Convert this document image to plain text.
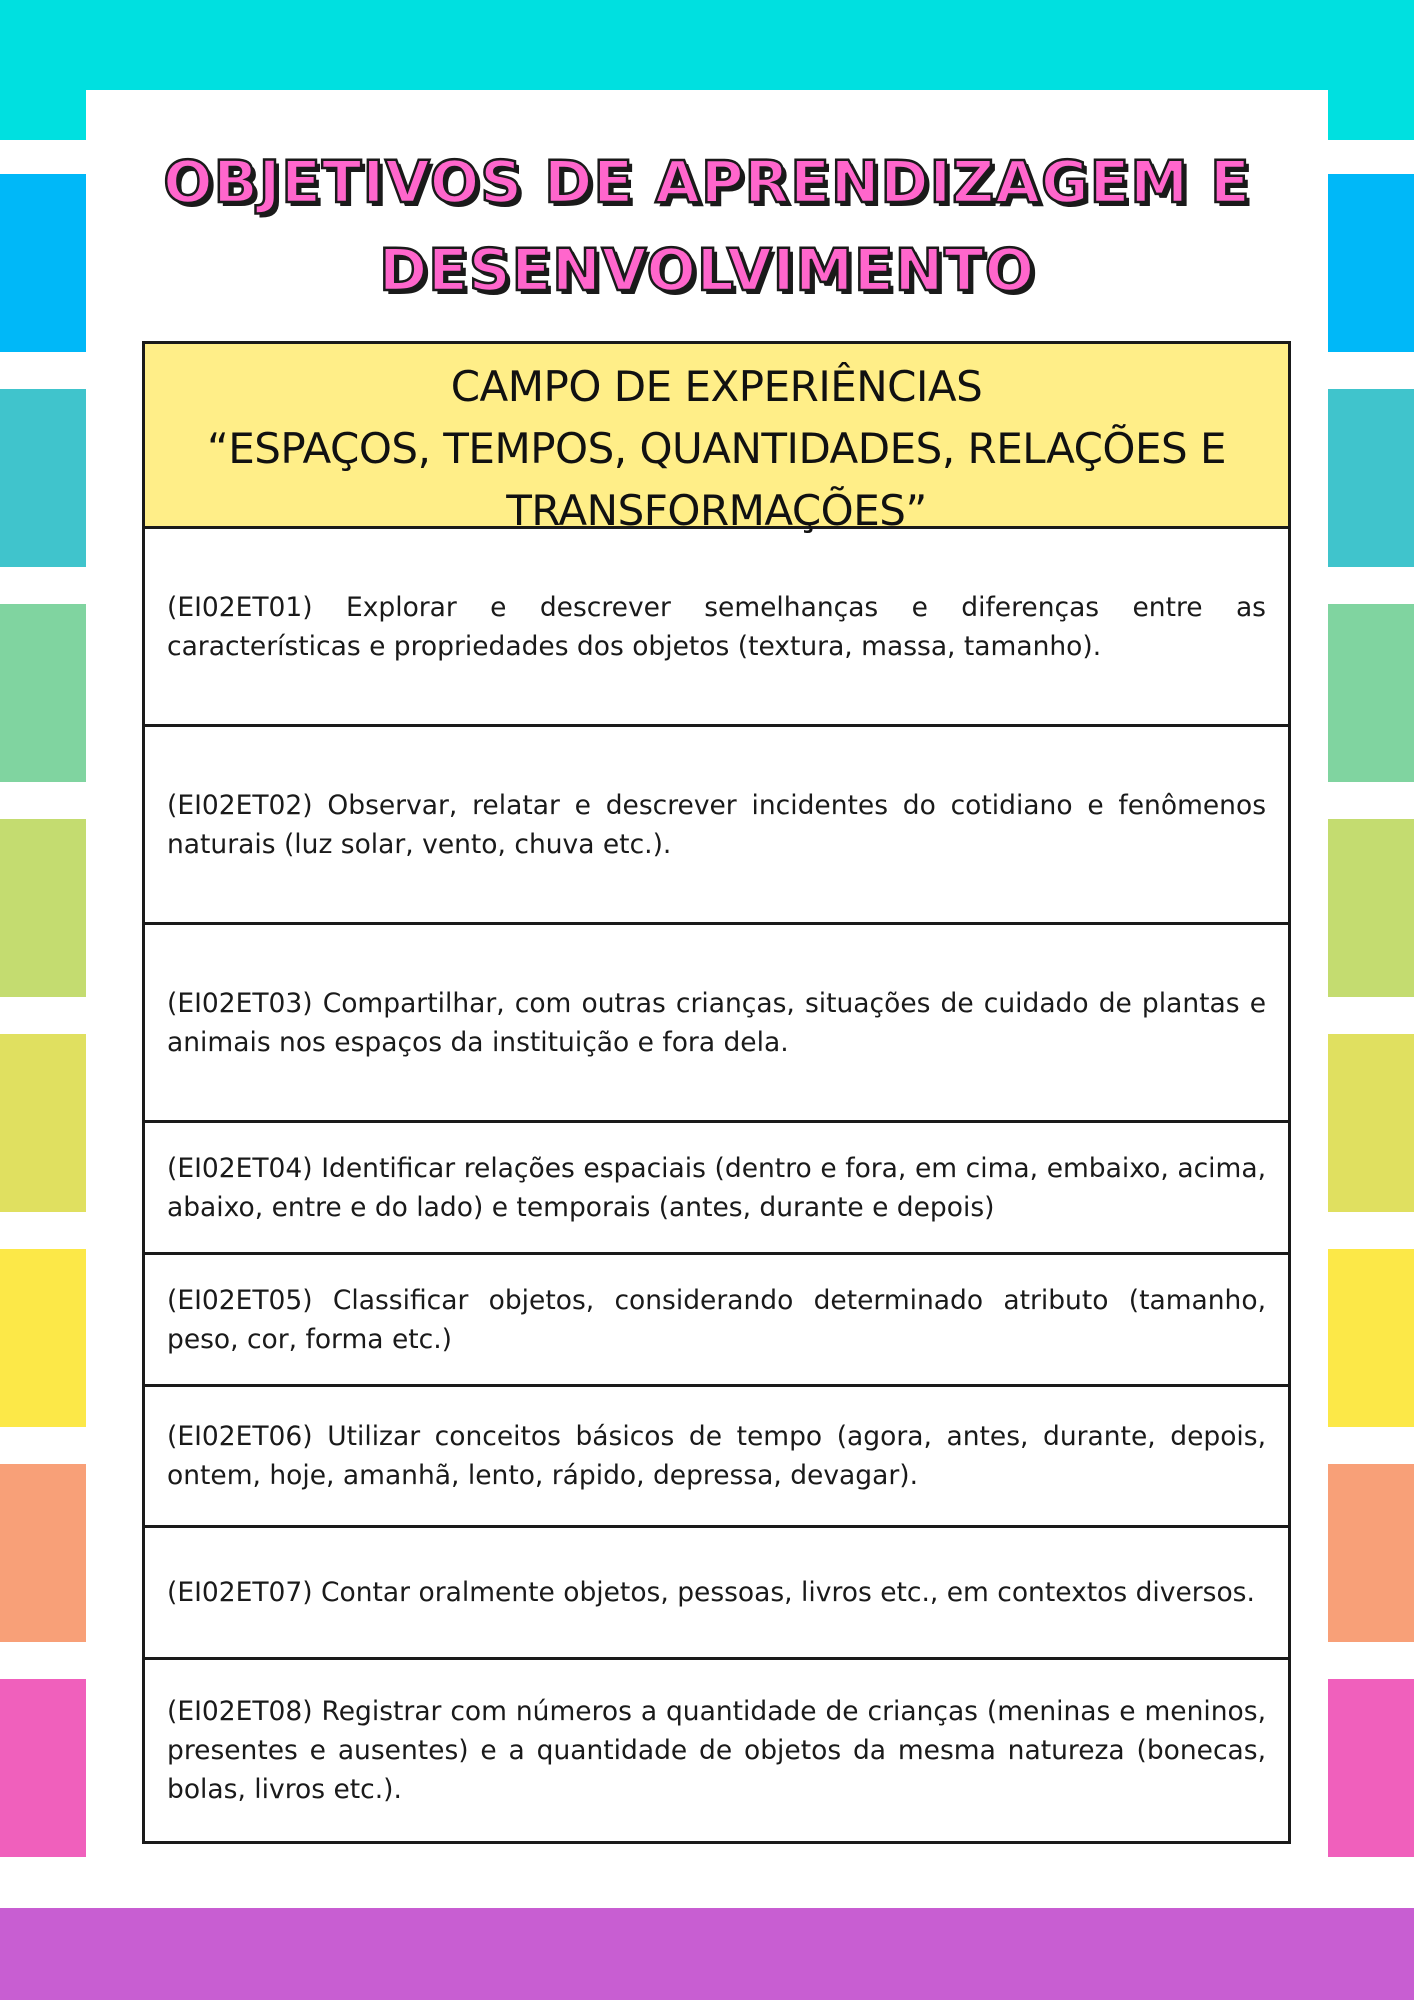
OBJETIVOS DE APRENDIZAGEM E
DESENVOLVIMENTO
CAMPO DE EXPERIÊNCIAS
“ESPAÇOS, TEMPOS, QUANTIDADES, RELAÇÕES E
TRANSFORMAÇÕES”

(EI02ET01) Explorar e descrever semelhanças e diferenças entre as características e propriedades dos objetos (textura, massa, tamanho).

(EI02ET02) Observar, relatar e descrever incidentes do cotidiano e fenômenos naturais (luz solar, vento, chuva etc.).

(EI02ET03) Compartilhar, com outras crianças, situações de cuidado de plantas e animais nos espaços da instituição e fora dela.

(EI02ET04) Identificar relações espaciais (dentro e fora, em cima, embaixo, acima, abaixo, entre e do lado) e temporais (antes, durante e depois)

(EI02ET05) Classificar objetos, considerando determinado atributo (tamanho, peso, cor, forma etc.)

(EI02ET06) Utilizar conceitos básicos de tempo (agora, antes, durante, depois, ontem, hoje, amanhã, lento, rápido, depressa, devagar).

(EI02ET07) Contar oralmente objetos, pessoas, livros etc., em contextos diversos.

(EI02ET08) Registrar com números a quantidade de crianças (meninas e meninos, presentes e ausentes) e a quantidade de objetos da mesma natureza (bonecas, bolas, livros etc.).
